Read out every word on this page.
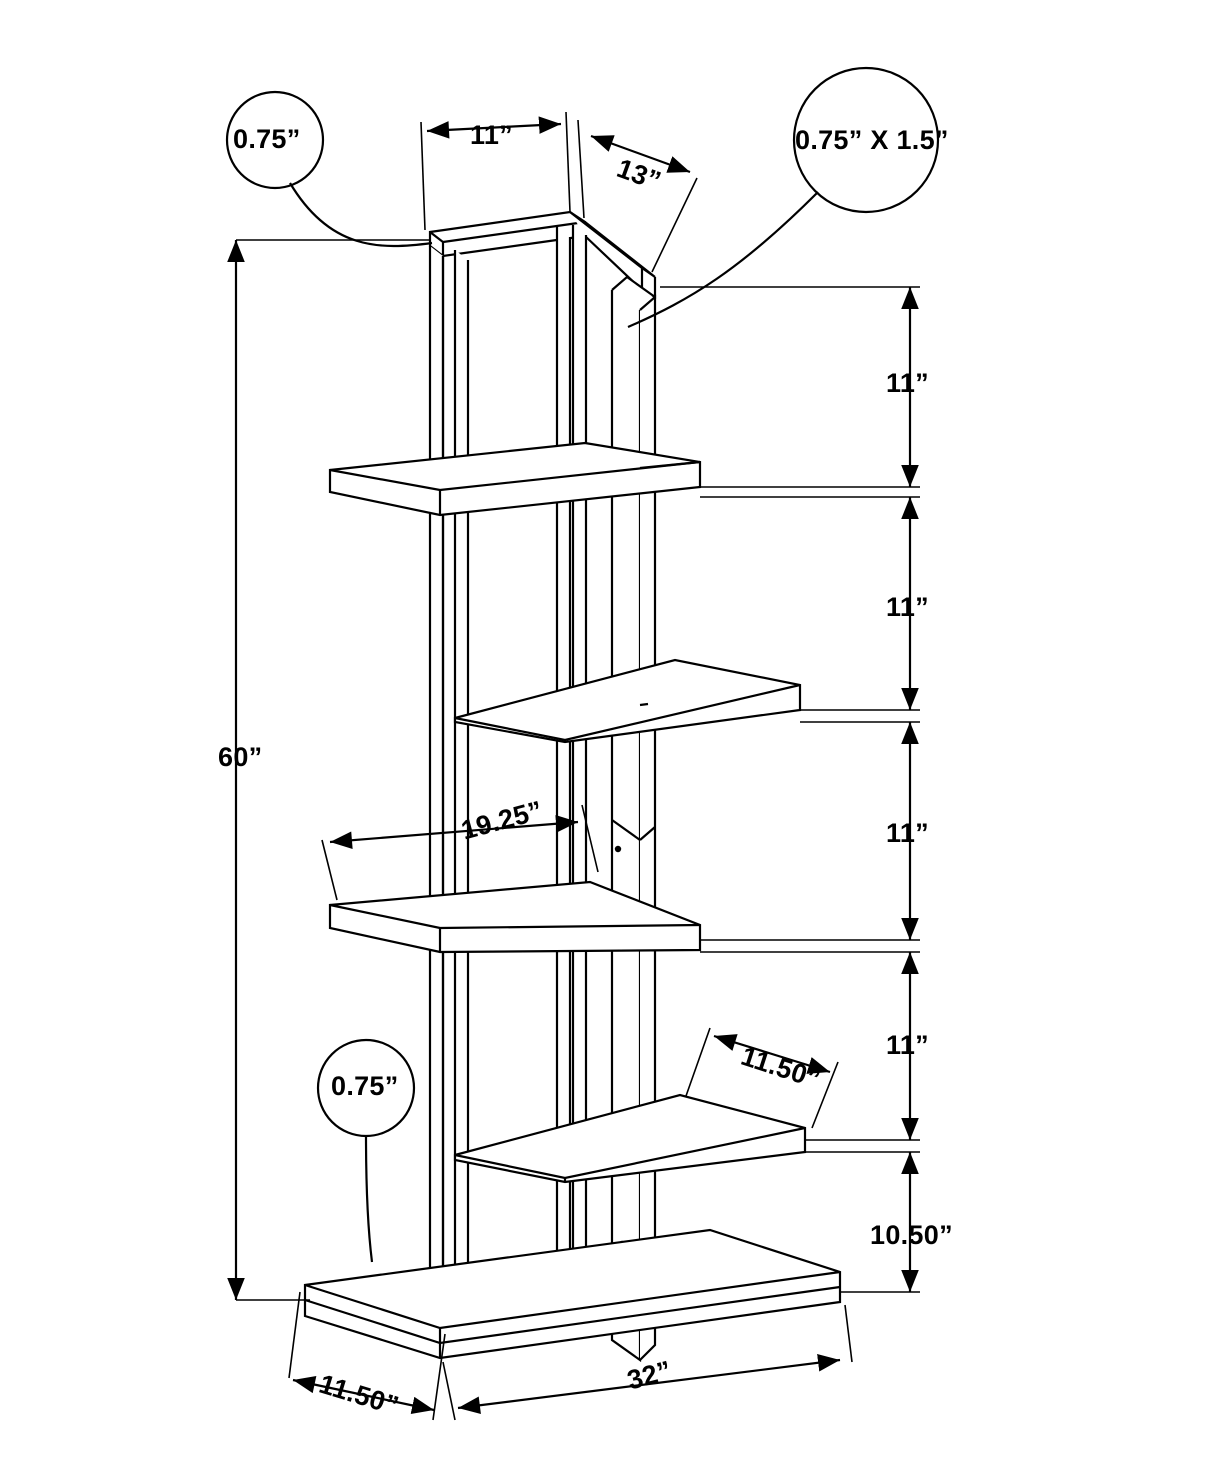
0.75”	0.75” X 1.5”
0.75”
11”
13”
60”
11”
11”
11”
11”
10.50”
19.25”
11.50”
11.50”	32”
